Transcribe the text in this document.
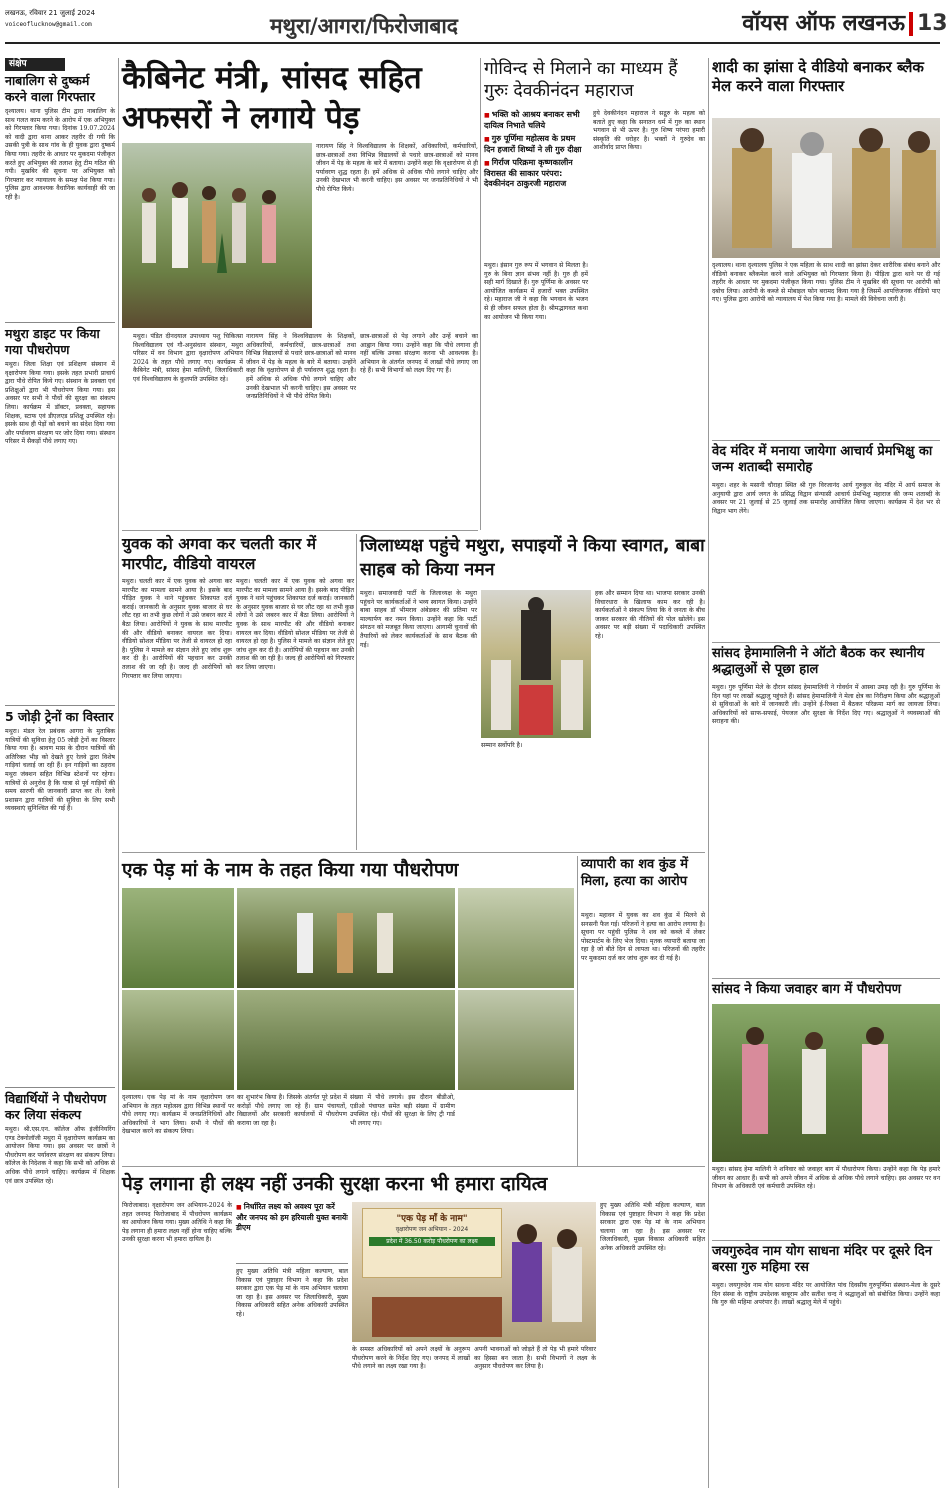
लखनऊ, रविवार 21 जुलाई 2024
voiceoflucknow@gmail.com	मथुरा/आगरा/फिरोजाबाद	वॉयस ऑफ लखनऊ 13
संक्षेप
नाबालिग से दुष्कर्म करने वाला गिरफ्तार
दृश्यालय। थाना पुलिस टीम द्वारा नाबालिग के साथ गलत काम करने के आरोप में एक अभियुक्त को गिरफ्तार किया गया। दिनांक 19.07.2024 को वादी द्वारा थाना आकर तहरीर दी गयी कि उसकी पुत्री के साथ गांव के ही युवक द्वारा दुष्कर्म किया गया। तहरीर के आधार पर मुकदमा पंजीकृत करते हुए अभियुक्त की तलाश हेतु टीम गठित की गयी। मुखबिर की सूचना पर अभियुक्त को गिरफ्तार कर न्यायालय के समक्ष पेश किया गया। पुलिस द्वारा आवश्यक वैधानिक कार्यवाही की जा रही है।
मथुरा डाइट पर किया गया पौधरोपण
मथुरा। जिला शिक्षा एवं प्रशिक्षण संस्थान में वृक्षारोपण किया गया। इसके तहत प्रभारी प्राचार्य द्वारा पौधे रोपित किये गए। संस्थान के प्रवक्ता एवं प्रशिक्षुओं द्वारा भी पौधरोपण किया गया। इस अवसर पर सभी ने पौधों की सुरक्षा का संकल्प लिया। कार्यक्रम में डॉक्टर, प्रवक्ता, सहायक शिक्षक, स्टाफ एवं डीएलएड प्रशिक्षु उपस्थित रहे। इसके साथ ही पेड़ों को बचाने का संदेश दिया गया और पर्यावरण संरक्षण पर जोर दिया गया। संस्थान परिसर में सैकड़ों पौधे लगाए गए।
5 जोड़ी ट्रेनों का विस्तार
मथुरा। मंडल रेल प्रबंधक आगरा के मुताबिक यात्रियों की सुविधा हेतु 05 जोड़ी ट्रेनों का विस्तार किया गया है। श्रावण मास के दौरान यात्रियों की अतिरिक्त भीड़ को देखते हुए रेलवे द्वारा विशेष गाड़ियां चलाई जा रही हैं। इन गाड़ियों का ठहराव मथुरा जंक्शन सहित विभिन्न स्टेशनों पर रहेगा। यात्रियों से अनुरोध है कि यात्रा से पूर्व गाड़ियों की समय सारणी की जानकारी प्राप्त कर लें। रेलवे प्रशासन द्वारा यात्रियों की सुविधा के लिए सभी व्यवस्थाएं सुनिश्चित की गई हैं।
विद्यार्थियों ने पौधरोपण कर लिया संकल्प
मथुरा। श्री.एस.एन. कॉलेज ऑफ इंजीनियरिंग एण्ड टेक्नोलॉजी मथुरा में वृक्षारोपण कार्यक्रम का आयोजन किया गया। इस अवसर पर छात्रों ने पौधरोपण कर पर्यावरण संरक्षण का संकल्प लिया। कॉलेज के निदेशक ने कहा कि सभी को अधिक से अधिक पौधे लगाने चाहिए। कार्यक्रम में शिक्षक एवं छात्र उपस्थित रहे।
कैबिनेट मंत्री, सांसद सहित अफसरों ने लगाये पेड़
नारायण सिंह ने विश्वविद्यालय के शिक्षकों, अधिकारियों, कर्मचारियों, छात्र-छात्राओं तथा विभिन्न विद्यालयों से पधारे छात्र-छात्राओं को मानव जीवन में पेड़ के महत्व के बारे में बताया। उन्होंने कहा कि वृक्षारोपण से ही पर्यावरण शुद्ध रहता है। हमें अधिक से अधिक पौधे लगाने चाहिए और उनकी देखभाल भी करनी चाहिए। इस अवसर पर जनप्रतिनिधियों ने भी पौधे रोपित किये।
मथुरा। पंडित दीनदयाल उपाध्याय पशु चिकित्सा विश्वविद्यालय एवं गौ-अनुसंधान संस्थान, मथुरा परिसर में वन विभाग द्वारा वृक्षारोपण अभियान 2024 के तहत पौधे लगाए गए। कार्यक्रम में कैबिनेट मंत्री, सांसद हेमा मालिनी, जिलाधिकारी एवं विश्वविद्यालय के कुलपति उपस्थित रहे।
नारायण सिंह ने विश्वविद्यालय के शिक्षकों, अधिकारियों, कर्मचारियों, छात्र-छात्राओं तथा विभिन्न विद्यालयों से पधारे छात्र-छात्राओं को मानव जीवन में पेड़ के महत्व के बारे में बताया। उन्होंने कहा कि वृक्षारोपण से ही पर्यावरण शुद्ध रहता है। हमें अधिक से अधिक पौधे लगाने चाहिए और उनकी देखभाल भी करनी चाहिए। इस अवसर पर जनप्रतिनिधियों ने भी पौधे रोपित किये।
छात्र-छात्राओं से पेड़ लगाने और उन्हें बचाने का आह्वान किया गया। उन्होंने कहा कि पौधे लगाना ही नहीं बल्कि उनका संरक्षण करना भी आवश्यक है। अभियान के अंतर्गत जनपद में लाखों पौधे लगाए जा रहे हैं। सभी विभागों को लक्ष्य दिए गए हैं।
गोविन्द से मिलाने का माध्यम हैं गुरुः देवकीनंदन महाराज
■ भक्ति को आश्रय बनाकर सभी दायित्व निभाते चलिये
■ गुरु पूर्णिमा महोत्सव के प्रथम दिन हजारों शिष्यों ने ली गुरु दीक्षा
■ गिर्राज परिक्रमा कृष्णकालीन विरासत की साकार परंपरा: देवकीनंदन ठाकुरजी महाराज
मथुरा। इंसान गुरु रूप में भगवान से मिलता है। गुरु के बिना ज्ञान संभव नहीं है। गुरु ही हमें सही मार्ग दिखाते हैं। गुरु पूर्णिमा के अवसर पर आयोजित कार्यक्रम में हजारों भक्त उपस्थित रहे। महाराज जी ने कहा कि भगवान के भजन से ही जीवन सफल होता है। श्रीमद्भागवत कथा का आयोजन भी किया गया।
हुये देवकीनंदन महाराज ने सद्गुरु के महत्व को बताते हुए कहा कि सनातन धर्म में गुरु का स्थान भगवान से भी ऊपर है। गुरु शिष्य परंपरा हमारी संस्कृति की धरोहर है। भक्तों ने गुरुदेव का आशीर्वाद प्राप्त किया।
शादी का झांसा दे वीडियो बनाकर ब्लैक मेल करने वाला गिरफ्तार
दृश्यालय। थाना दृश्यालय पुलिस ने एक महिला के साथ शादी का झांसा देकर शारीरिक संबंध बनाने और वीडियो बनाकर ब्लैकमेल करने वाले अभियुक्त को गिरफ्तार किया है। पीड़िता द्वारा थाने पर दी गई तहरीर के आधार पर मुकदमा पंजीकृत किया गया। पुलिस टीम ने मुखबिर की सूचना पर आरोपी को दबोच लिया। आरोपी के कब्जे से मोबाइल फोन बरामद किया गया है जिसमें आपत्तिजनक वीडियो पाए गए। पुलिस द्वारा आरोपी को न्यायालय में पेश किया गया है। मामले की विवेचना जारी है।
वेद मंदिर में मनाया जायेगा आचार्य प्रेमभिक्षु का जन्म शताब्दी समारोह
मथुरा। शहर के मसानी चौराहा स्थित श्री गुरु विरजानंद आर्य गुरुकुल वेद मंदिर में आर्य समाज के अनुयायी द्वारा आर्य जगत के प्रसिद्ध विद्वान संन्यासी आचार्य प्रेमभिक्षु महाराज की जन्म शताब्दी के अवसर पर 21 जुलाई से 25 जुलाई तक समारोह आयोजित किया जाएगा। कार्यक्रम में देश भर से विद्वान भाग लेंगे।
सांसद हेमामालिनी ने ऑटो बैठक कर स्थानीय श्रद्धालुओं से पूछा हाल
मथुरा। गुरु पूर्णिमा मेले के दौरान सांसद हेमामालिनी ने गोवर्धन में आस्था उमड़ रही है। गुरु पूर्णिमा के दिन यहां पर लाखों श्रद्धालु पहुंचते हैं। सांसद हेमामालिनी ने मेला क्षेत्र का निरीक्षण किया और श्रद्धालुओं से सुविधाओं के बारे में जानकारी ली। उन्होंने ई-रिक्शा में बैठकर परिक्रमा मार्ग का जायजा लिया। अधिकारियों को साफ-सफाई, पेयजल और सुरक्षा के निर्देश दिए गए। श्रद्धालुओं ने व्यवस्थाओं की सराहना की।
सांसद ने किया जवाहर बाग में पौधरोपण
मथुरा। सांसद हेमा मालिनी ने शनिवार को जवाहर बाग में पौधारोपण किया। उन्होंने कहा कि पेड़ हमारे जीवन का आधार हैं। सभी को अपने जीवन में अधिक से अधिक पौधे लगाने चाहिए। इस अवसर पर वन विभाग के अधिकारी एवं कर्मचारी उपस्थित रहे।
जयगुरुदेव नाम योग साधना मंदिर पर दूसरे दिन बरसा गुरु महिमा रस
मथुरा। जयगुरुदेव नाम योग साधना मंदिर पर आयोजित पांच दिवसीय गुरुपूर्णिमा संस्थान-मेला के दूसरे दिन संस्था के राष्ट्रीय उपदेशक बाबूराम और सतीश चन्द ने श्रद्धालुओं को संबोधित किया। उन्होंने कहा कि गुरु की महिमा अपरंपार है। लाखों श्रद्धालु मेले में पहुंचे।
युवक को अगवा कर चलती कार में मारपीट, वीडियो वायरल
मथुरा। चलती कार में एक युवक को अगवा कर मारपीट का मामला सामने आया है। इसके बाद पीड़ित युवक ने थाने पहुंचकर शिकायत दर्ज कराई। जानकारी के अनुसार युवक बाजार से घर लौट रहा था तभी कुछ लोगों ने उसे जबरन कार में बैठा लिया। आरोपियों ने युवक के साथ मारपीट की और वीडियो बनाकर वायरल कर दिया। वीडियो सोशल मीडिया पर तेजी से वायरल हो रहा है। पुलिस ने मामले का संज्ञान लेते हुए जांच शुरू कर दी है। आरोपियों की पहचान कर उनकी तलाश की जा रही है। जल्द ही आरोपियों को गिरफ्तार कर लिया जाएगा।
मथुरा। चलती कार में एक युवक को अगवा कर मारपीट का मामला सामने आया है। इसके बाद पीड़ित युवक ने थाने पहुंचकर शिकायत दर्ज कराई। जानकारी के अनुसार युवक बाजार से घर लौट रहा था तभी कुछ लोगों ने उसे जबरन कार में बैठा लिया। आरोपियों ने युवक के साथ मारपीट की और वीडियो बनाकर वायरल कर दिया। वीडियो सोशल मीडिया पर तेजी से वायरल हो रहा है। पुलिस ने मामले का संज्ञान लेते हुए जांच शुरू कर दी है। आरोपियों की पहचान कर उनकी तलाश की जा रही है। जल्द ही आरोपियों को गिरफ्तार कर लिया जाएगा।
जिलाध्यक्ष पहुंचे मथुरा, सपाइयों ने किया स्वागत, बाबा साहब को किया नमन
मथुरा। समाजवादी पार्टी के जिलाध्यक्ष के मथुरा पहुंचने पर कार्यकर्ताओं ने भव्य स्वागत किया। उन्होंने बाबा साहब डॉ भीमराव अंबेडकर की प्रतिमा पर माल्यार्पण कर नमन किया। उन्होंने कहा कि पार्टी संगठन को मजबूत किया जाएगा। आगामी चुनावों की तैयारियों को लेकर कार्यकर्ताओं के साथ बैठक की गई।
सम्मान सर्वोपरि है।
हक और सम्मान दिया था। भाजपा सरकार उनकी विचारधारा के खिलाफ काम कर रही है। कार्यकर्ताओं ने संकल्प लिया कि वे जनता के बीच जाकर सरकार की नीतियों की पोल खोलेंगे। इस अवसर पर बड़ी संख्या में पदाधिकारी उपस्थित रहे।
एक पेड़ मां के नाम के तहत किया गया पौधरोपण
दृश्यालय। एक पेड़ मां के नाम वृक्षारोपण जन अभियान के तहत महोत्सव द्वारा विभिन्न स्थानों पर पौधे लगाए गए। कार्यक्रम में जनप्रतिनिधियों और अधिकारियों ने भाग लिया। सभी ने पौधों की देखभाल करने का संकल्प लिया।
का शुभारंभ किया है। जिसके अंतर्गत पूरे प्रदेश में करोड़ों पौधे लगाए जा रहे हैं। ग्राम पंचायतों, विद्यालयों और सरकारी कार्यालयों में पौधरोपण कराया जा रहा है।
संख्या में पौधे लगाये। इस दौरान बीडीओ, एडीओ पंचायत समेत बड़ी संख्या में ग्रामीण उपस्थित रहे। पौधों की सुरक्षा के लिए ट्री गार्ड भी लगाए गए।
व्यापारी का शव कुंड में मिला, हत्या का आरोप
मथुरा। महावन में युवक का शव कुंड में मिलने से सनसनी फैल गई। परिजनों ने हत्या का आरोप लगाया है। सूचना पर पहुंची पुलिस ने शव को कब्जे में लेकर पोस्टमार्टम के लिए भेज दिया। मृतक व्यापारी बताया जा रहा है जो बीते दिन से लापता था। परिजनों की तहरीर पर मुकदमा दर्ज कर जांच शुरू कर दी गई है।
पेड़ लगाना ही लक्ष्य नहीं उनकी सुरक्षा करना भी हमारा दायित्व
फिरोजाबाद। वृक्षारोपण जन अभियान-2024 के तहत जनपद फिरोजाबाद में पौधरोपण कार्यक्रम का आयोजन किया गया। मुख्य अतिथि ने कहा कि पेड़ लगाना ही हमारा लक्ष्य नहीं होना चाहिए बल्कि उनकी सुरक्षा करना भी हमारा दायित्व है।
■ निर्धारित लक्ष्य को अवश्य पूरा करें और जनपद को हम हरियाली युक्त बनायेंः डीएम
हुए मुख्य अतिथि मंत्री महिला कल्याण, बाल विकास एवं पुष्टाहार विभाग ने कहा कि प्रदेश सरकार द्वारा एक पेड़ मां के नाम अभियान चलाया जा रहा है। इस अवसर पर जिलाधिकारी, मुख्य विकास अधिकारी सहित अनेक अधिकारी उपस्थित रहे।
"एक पेड़ माँ के नाम"
वृक्षारोपण जन अभियान - 2024
प्रदेश में 36.50 करोड़ पौधरोपण का लक्ष्य
के समस्त अधिकारियों को अपने लक्ष्यों के अनुरूप पौधरोपण करने के निर्देश दिए गए। जनपद में लाखों पौधे लगाने का लक्ष्य रखा गया है।
अपनी भावनाओं को जोड़ते हैं तो पेड़ भी हमारे परिवार का हिस्सा बन जाता है। सभी विभागों ने लक्ष्य के अनुसार पौधरोपण कर लिया है।
हुए मुख्य अतिथि मंत्री महिला कल्याण, बाल विकास एवं पुष्टाहार विभाग ने कहा कि प्रदेश सरकार द्वारा एक पेड़ मां के नाम अभियान चलाया जा रहा है। इस अवसर पर जिलाधिकारी, मुख्य विकास अधिकारी सहित अनेक अधिकारी उपस्थित रहे।
